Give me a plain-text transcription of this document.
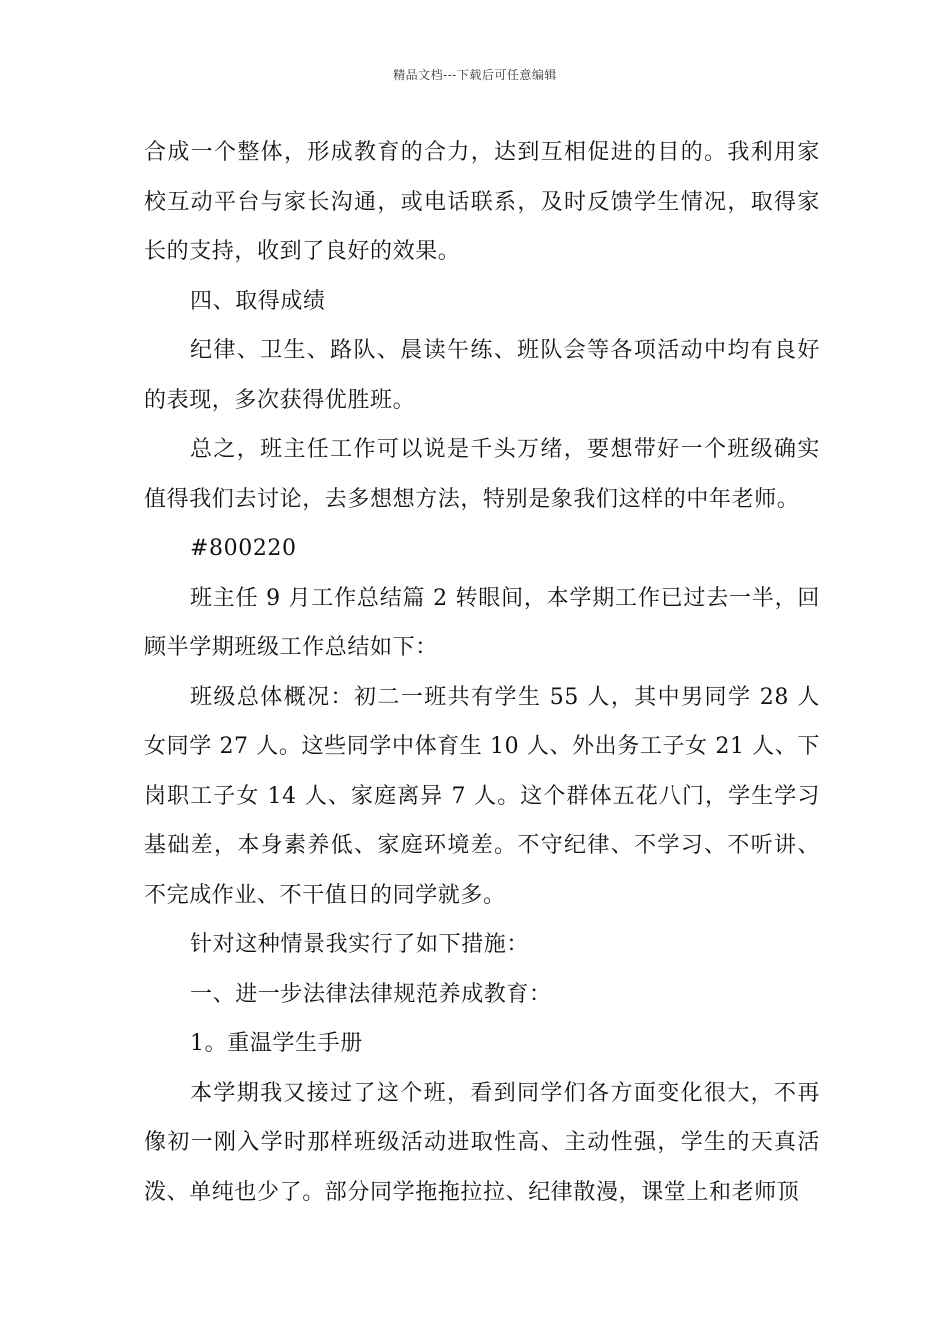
精品文档---下载后可任意编辑

合成一个整体，形成教育的合力，达到互相促进的目的。我利用家校互动平台与家长沟通，或电话联系，及时反馈学生情况，取得家长的支持，收到了良好的效果。

四、取得成绩

纪律、卫生、路队、晨读午练、班队会等各项活动中均有良好的表现，多次获得优胜班。

总之，班主任工作可以说是千头万绪，要想带好一个班级确实值得我们去讨论，去多想想方法，特别是象我们这样的中年老师。

#800220

班主任 9 月工作总结篇 2 转眼间，本学期工作已过去一半，回顾半学期班级工作总结如下：

班级总体概况：初二一班共有学生 55 人，其中男同学 28 人女同学 27 人。这些同学中体育生 10 人、外出务工子女 21 人、下岗职工子女 14 人、家庭离异 7 人。这个群体五花八门，学生学习基础差，本身素养低、家庭环境差。不守纪律、不学习、不听讲、不完成作业、不干值日的同学就多。

针对这种情景我实行了如下措施：

一、进一步法律法律规范养成教育：

1。重温学生手册

本学期我又接过了这个班，看到同学们各方面变化很大，不再像初一刚入学时那样班级活动进取性高、主动性强，学生的天真活泼、单纯也少了。部分同学拖拖拉拉、纪律散漫，课堂上和老师顶
